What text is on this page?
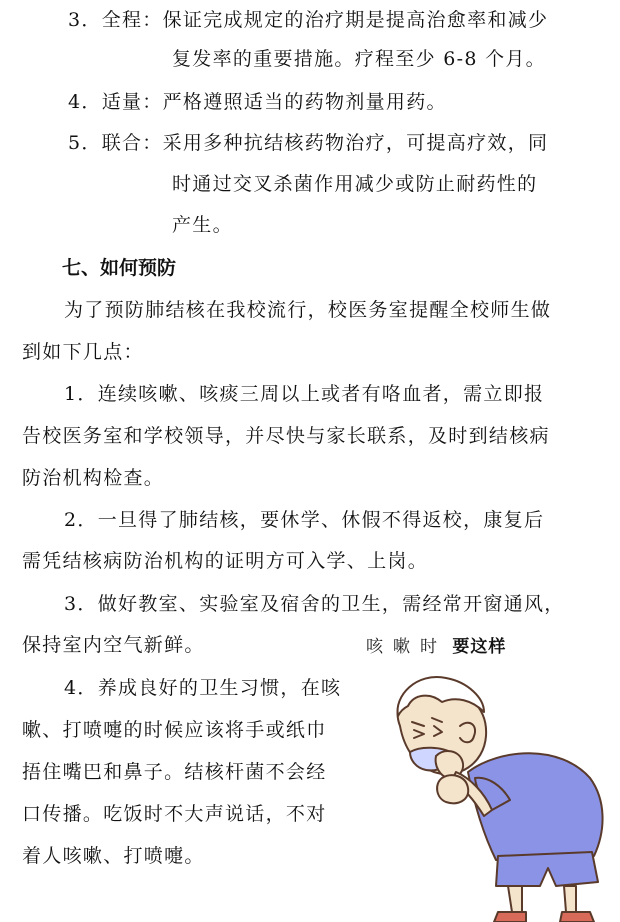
3．全程：保证完成规定的治疗期是提高治愈率和减少
复发率的重要措施。疗程至少 6-8 个月。
4．适量：严格遵照适当的药物剂量用药。
5．联合：采用多种抗结核药物治疗，可提高疗效，同
时通过交叉杀菌作用减少或防止耐药性的
产生。
七、如何预防
为了预防肺结核在我校流行，校医务室提醒全校师生做
到如下几点：
1．连续咳嗽、咳痰三周以上或者有咯血者，需立即报
告校医务室和学校领导，并尽快与家长联系，及时到结核病
防治机构检查。
2．一旦得了肺结核，要休学、休假不得返校，康复后
需凭结核病防治机构的证明方可入学、上岗。
3．做好教室、实验室及宿舍的卫生，需经常开窗通风，
保持室内空气新鲜。
4．养成良好的卫生习惯，在咳
嗽、打喷嚏的时候应该将手或纸巾
捂住嘴巴和鼻子。结核杆菌不会经
口传播。吃饭时不大声说话，不对
着人咳嗽、打喷嚏。
咳嗽时 要这样
